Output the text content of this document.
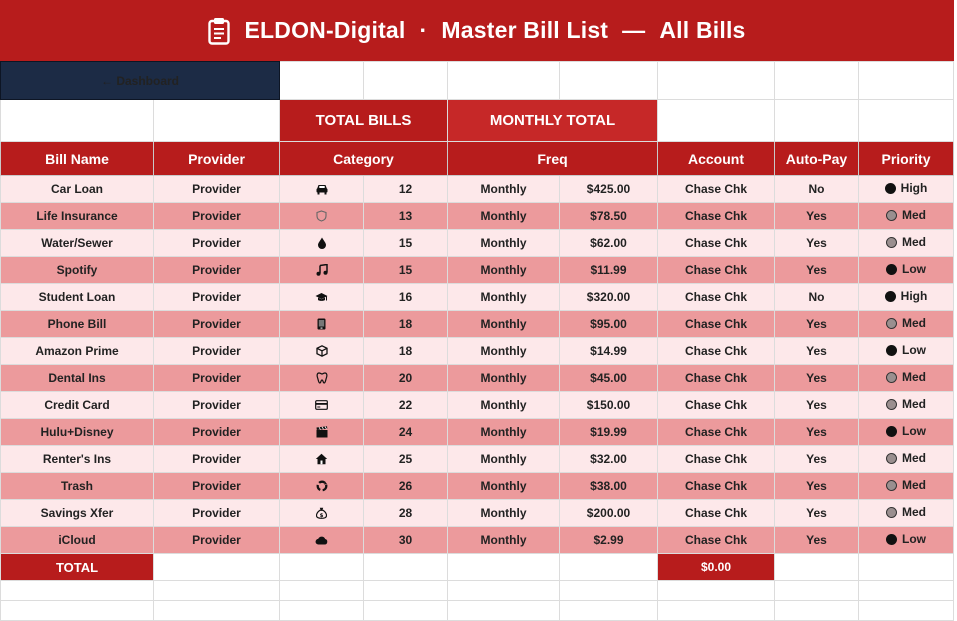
ELDON-Digital · Master Bill List — All Bills
← Dashboard								
		TOTAL BILLS		MONTHLY TOTAL				
Bill Name	Provider	Category		Freq		Account	Auto-Pay	Priority
Car Loan	Provider		12	Monthly	$425.00	Chase Chk	No	High

Life Insurance	Provider		13	Monthly	$78.50	Chase Chk	Yes	Med

Water/Sewer	Provider		15	Monthly	$62.00	Chase Chk	Yes	Med

Spotify	Provider		15	Monthly	$11.99	Chase Chk	Yes	Low

Student Loan	Provider		16	Monthly	$320.00	Chase Chk	No	High

Phone Bill	Provider		18	Monthly	$95.00	Chase Chk	Yes	Med

Amazon Prime	Provider		18	Monthly	$14.99	Chase Chk	Yes	Low

Dental Ins	Provider		20	Monthly	$45.00	Chase Chk	Yes	Med

Credit Card	Provider		22	Monthly	$150.00	Chase Chk	Yes	Med

Hulu+Disney	Provider		24	Monthly	$19.99	Chase Chk	Yes	Low

Renter's Ins	Provider		25	Monthly	$32.00	Chase Chk	Yes	Med

Trash	Provider		26	Monthly	$38.00	Chase Chk	Yes	Med

Savings Xfer	Provider	$	28	Monthly	$200.00	Chase Chk	Yes	Med

iCloud	Provider		30	Monthly	$2.99	Chase Chk	Yes	Low

TOTAL						$0.00		
